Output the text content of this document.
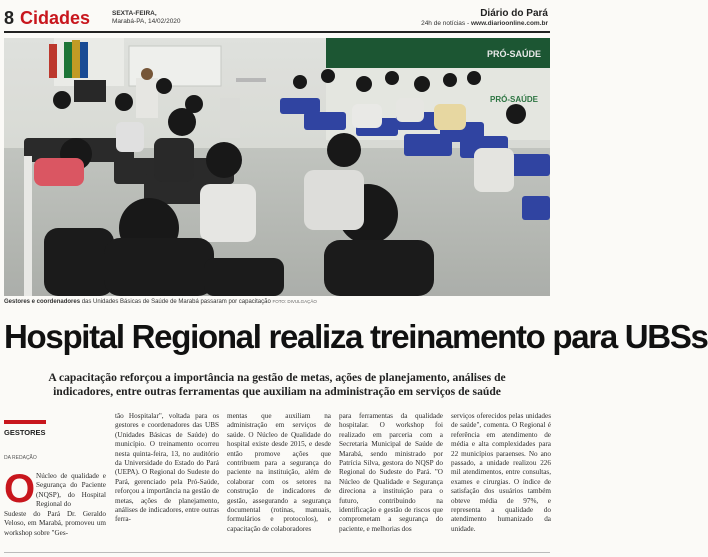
8 Cidades	SEXTA-FEIRA,
Marabá-PA, 14/02/2020
Diário do Pará
24h de notícias - www.diarioonline.com.br
PRÓ-SAÚDE
PRÓ-SAÚDE
Gestores e coordenadores das Unidades Básicas de Saúde de Marabá passaram por capacitação FOTO: DIVULGAÇÃO
Hospital Regional realiza treinamento para UBSs
A capacitação reforçou a importância na gestão de metas, ações de planejamento, análises de indicadores, entre outras ferramentas que auxiliam na administração em serviços de saúde
GESTORES
DA REDAÇÃO
O Núcleo de qualidade e Segurança do Paciente (NQSP), do Hospital Regional do
Sudeste do Pará Dr. Geraldo Veloso, em Marabá, promoveu um workshop sobre "Ges-
tão Hospitalar", voltada para os gestores e coordenadores das UBS (Unidades Básicas de Saúde) do município. O treinamento ocorreu nesta quinta-feira, 13, no auditório da Universidade do Estado do Pará (UEPA). O Regional do Sudeste do Pará, gerenciado pela Pró-Saúde, reforçou a importância na gestão de metas, ações de planejamento, análises de indicadores, entre outras ferra-
mentas que auxiliam na administração em serviços de saúde. O Núcleo de Qualidade do hospital existe desde 2015, e desde então promove ações que contribuem para a segurança do paciente na instituição, além de colaborar com os setores na construção de indicadores de gestão, assegurando a segurança documental (rotinas, manuais, formulários e protocolos), e capacitação de colaboradores
para ferramentas da qualidade hospitalar. O workshop foi realizado em parceria com a Secretaria Municipal de Saúde de Marabá, sendo ministrado por Patrícia Silva, gestora do NQSP do Regional do Sudeste do Pará. "O Núcleo de Qualidade e Segurança direciona a instituição para o futuro, contribuindo na identificação e gestão de riscos que comprometam a segurança do paciente, e melhorias dos
serviços oferecidos pelas unidades de saúde", comenta. O Regional é referência em atendimento de média e alta complexidades para 22 municípios paraenses. No ano passado, a unidade realizou 226 mil atendimentos, entre consultas, exames e cirurgias. O índice de satisfação dos usuários também obteve média de 97%, e representa a qualidade do atendimento humanizado da unidade.
